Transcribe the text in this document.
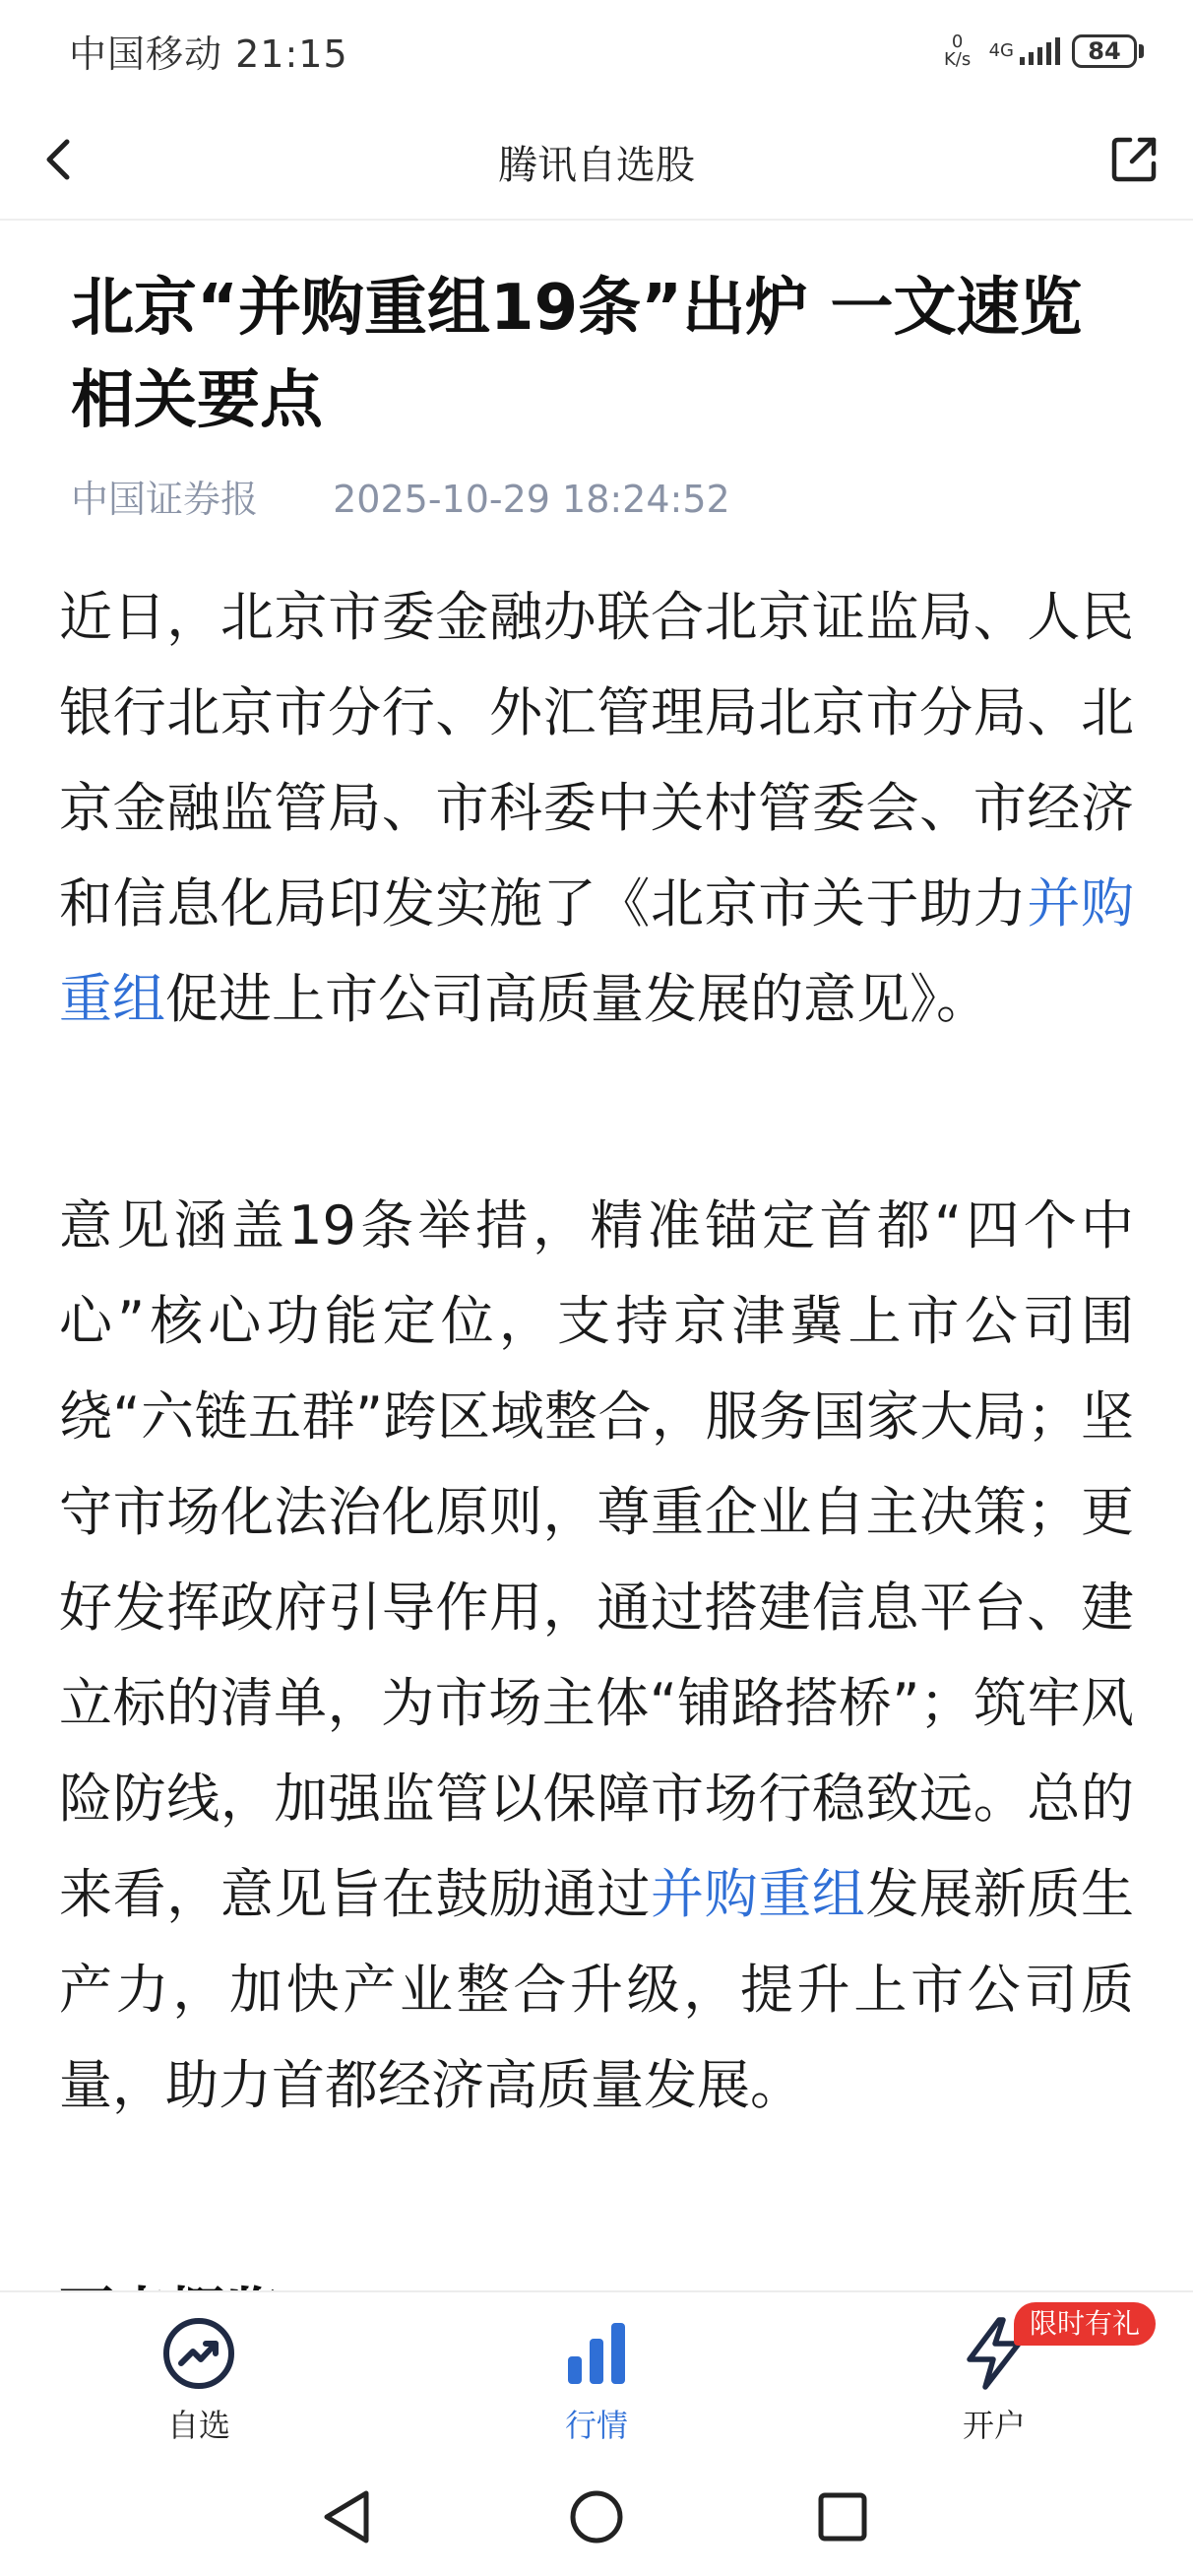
中国移动 21:15	0
K/s	4G	84
腾讯自选股
北京“并购重组19条”出炉 一文速览相关要点
中国证券报 2025-10-29 18:24:52

近日，北京市委金融办联合北京证监局、人民银行北京市分行、外汇管理局北京市分局、北京金融监管局、市科委中关村管委会、市经济和信息化局印发实施了《北京市关于助力并购重组促进上市公司高质量发展的意见》。

意见涵盖19条举措，精准锚定首都“四个中心”核心功能定位，支持京津冀上市公司围绕“六链五群”跨区域整合，服务国家大局；坚守市场化法治化原则，尊重企业自主决策；更好发挥政府引导作用，通过搭建信息平台、建立标的清单，为市场主体“铺路搭桥”；筑牢风险防线，加强监管以保障市场行稳致远。总的来看，意见旨在鼓励通过并购重组发展新质生产力，加快产业整合升级，提升上市公司质量，助力首都经济高质量发展。

自选	行情	开户
限时有礼
